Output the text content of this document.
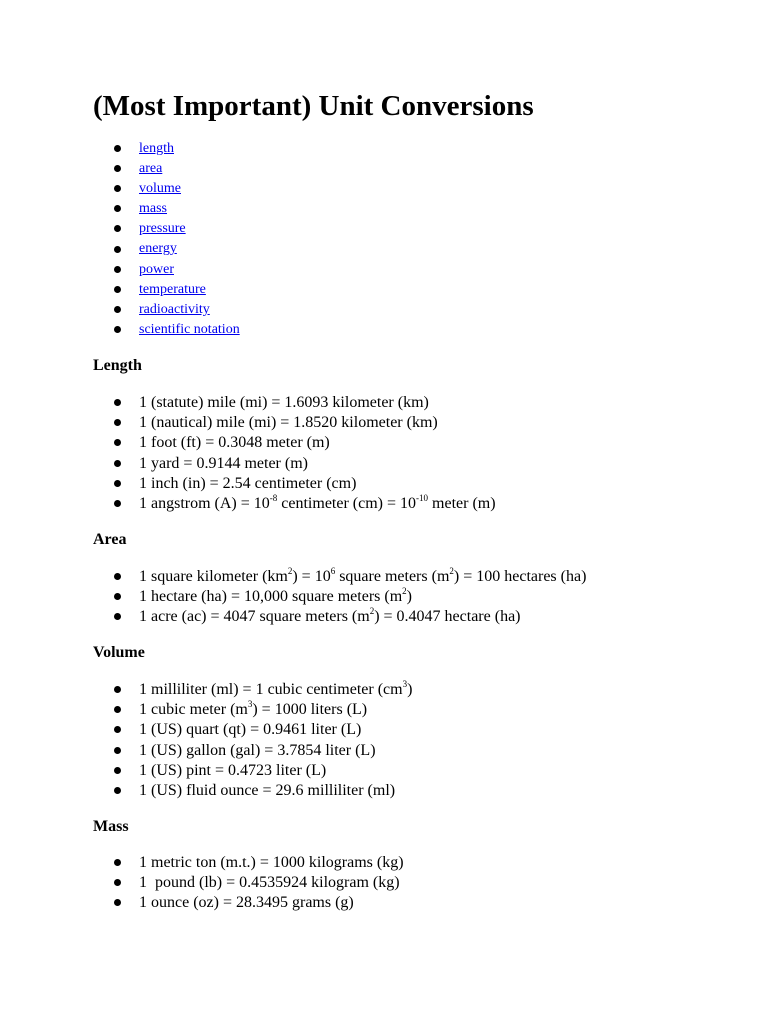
(Most Important) Unit Conversions
length
area
volume
mass
pressure
energy
power
temperature
radioactivity
scientific notation
Length
1 (statute) mile (mi) = 1.6093 kilometer (km)
1 (nautical) mile (mi) = 1.8520 kilometer (km)
1 foot (ft) = 0.3048 meter (m)
1 yard = 0.9144 meter (m)
1 inch (in) = 2.54 centimeter (cm)
1 angstrom $(A) = 10^{-8}$ centimeter $(cm) = 10^{-10}$ meter (m)
Area
1 square kilometer $(km^2) = 10^6$ square meters $(m^2) = 100$ hectares (ha)
1 hectare (ha) = 10,000 square meters $(m^2)$
1 acre (ac) = 4047 square meters $(m^2) = 0.4047$ hectare (ha)
Volume
1 milliliter (ml) = 1 cubic centimeter $(cm^3)$
1 cubic meter $(m^3) = 1000$ liters (L)
1 (US) quart (qt) = 0.9461 liter (L)
1 (US) gallon (gal) = 3.7854 liter (L)
1 (US) pint = 0.4723 liter (L)
1 (US) fluid ounce = 29.6 milliliter (ml)
Mass
1 metric ton (m.t.) = 1000 kilograms (kg)
1  pound (lb) = 0.4535924 kilogram (kg)
1 ounce (oz) = 28.3495 grams (g)
